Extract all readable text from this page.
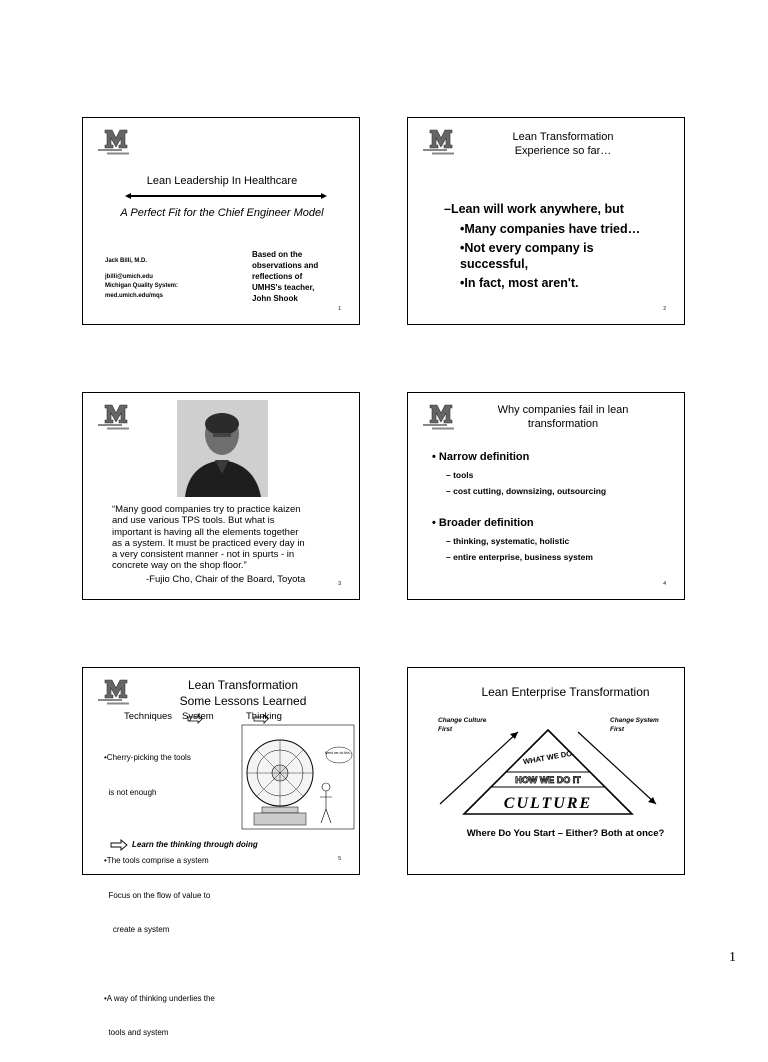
Lean Leadership In Healthcare
A Perfect Fit for the Chief Engineer Model
Jack Billi, M.D.
jbilli@umich.edu
Michigan Quality System:
med.umich.edu/mqs
Based on the
observations and
reflections of
UMHS's teacher,
John Shook
1
Lean Transformation
Experience so far…
–Lean will work anywhere, but
•Many companies have tried…
•Not every company is
successful,
•In fact, most aren't.
2
“Many good companies try to practice kaizen
and use various TPS tools. But what is
important is having all the elements together
as a system. It must be practiced every day in
a very consistent manner - not in spurts - in
concrete way on the shop floor.”
-Fujio Cho, Chair of the Board, Toyota	3
Why companies fail in lean
transformation
• Narrow definition
– tools
– cost cutting, downsizing, outsourcing
• Broader definition
– thinking, systematic, holistic
– entire enterprise, business system
4
Lean Transformation
Some Lessons Learned
Techniques System	Thinking

•Cherry-picking the tools

is not enough

•The tools comprise a system

Focus on the flow of value to

create a system

•A way of thinking underlies the

tools and system

Need we do this…
Learn the thinking through doing
5
Lean Enterprise Transformation
Change Culture
First
Change System
First
WHAT WE DO
HOW WE DO IT
CULTURE
Where Do You Start – Either? Both at once?
1
